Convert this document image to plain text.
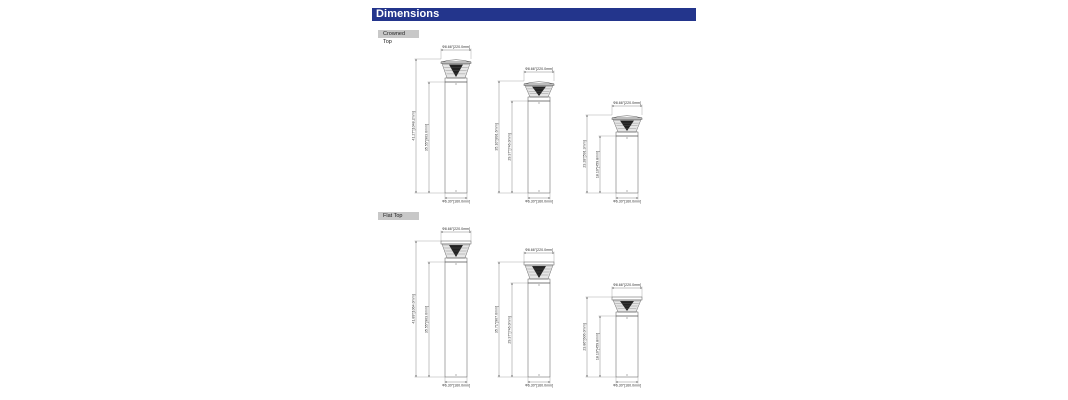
Dimensions
Crowned Top
Flat Top
Φ8.66"[220.0mm]
Φ6.30"[160.0mm]
41.27"[1048.2mm]	35.55"[903.0mm]
Φ8.66"[220.0mm]
Φ6.30"[160.0mm]
35.10"[891.6mm]	29.37"[746.0mm]
Φ8.66"[220.0mm]
Φ6.30"[160.0mm]
23.28"[591.3mm]	18.10"[459.8mm]
Φ8.66"[220.0mm]
Φ6.30"[160.0mm]
41.89"[1064.0mm]	35.55"[903.0mm]
Φ8.66"[220.0mm]
Φ6.30"[160.0mm]
35.71"[907.0mm]	29.37"[746.0mm]
Φ8.66"[220.0mm]
Φ6.30"[160.0mm]
23.86"[606.0mm]	18.10"[459.8mm]
